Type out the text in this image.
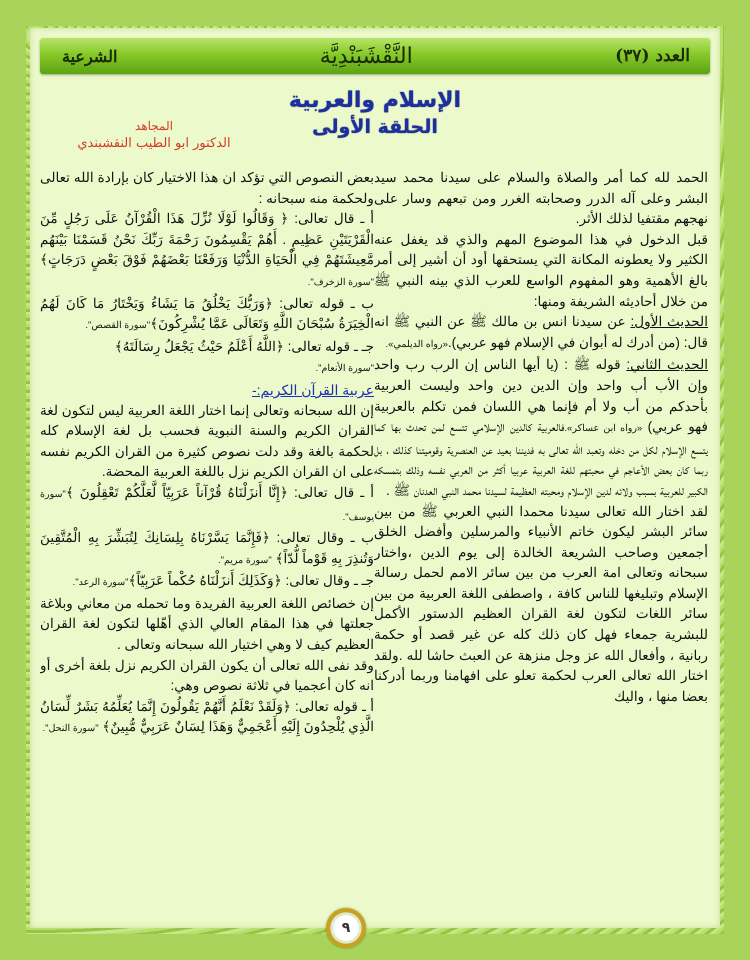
العدد (٣٧)
النَّقْشَبَنْدِيَّة
الشرعية
الإسلام والعربية
الحلقة الأولى
المجاهد
الدكتور ابو الطيب النقشبندي

الحمد لله كما أمر والصلاة والسلام على سيدنا محمد سيد البشر وعلى آله الدرر وصحابته الغرر ومن تبعهم وسار على نهجهم مقتفيا لذلك الأثر.

قبل الدخول في هذا الموضوع المهم والذي قد يغفل عنه الكثير ولا يعطونه المكانة التي يستحقها أود أن أشير إلى أمر بالغ الأهمية وهو المفهوم الواسع للعرب الذي بينه النبي ﷺ من خلال أحاديثه الشريفة ومنها:

الحديث الأول: عن سيدنا انس بن مالك ﷺ عن النبي ﷺ انه قال: (من أدرك له أبوان في الإسلام فهو عربي).«رواه الديلمي».

الحديث الثاني: قوله ﷺ : (يا أيها الناس إن الرب رب واحد وإن الأب أب واحد وإن الدين دين واحد وليست العربية بأحدكم من أب ولا أم فإنما هي اللسان فمن تكلم بالعربية فهو عربي) «رواه ابن عساكر».فالعربية كالدين الإسلامي تتسع لمن تحدث بها كما يتسع الإسلام لكل من دخله وتعبد الله تعالى به فديننا بعيد عن العنصرية وقوميتنا كذلك ، بل ربما كان بعض الأعاجم في محبتهم للغة العربية عربيا أكثر من العربي نفسه وذلك بتمسكه الكبير للعربية بسبب ولائه لدين الإسلام ومحبته العظيمة لسيدنا محمد النبي العدنان ﷺ .

لقد اختار الله تعالى سيدنا محمدا النبي العربي ﷺ من بين سائر البشر ليكون خاتم الأنبياء والمرسلين وأفضل الخلق أجمعين وصاحب الشريعة الخالدة إلى يوم الدين ،واختار سبحانه وتعالى امة العرب من بين سائر الامم لحمل رسالة الإسلام وتبليغها للناس كافة ، واصطفى اللغة العربية من بين سائر اللغات لتكون لغة القران العظيم الدستور الأكمل للبشرية جمعاء فهل كان ذلك كله عن غير قصد أو حكمة ربانية ، وأفعال الله عز وجل منزهة عن العبث حاشا لله .ولقد اختار الله تعالى العرب لحكمة تعلو على افهامنا وربما أدركنا بعضا منها ، واليك

بعض النصوص التي تؤكد ان هذا الاختيار كان بإرادة الله تعالى ولحكمة منه سبحانه :

أ ـ قال تعالى: ﴿ وَقَالُوا لَوْلَا نُزِّلَ هَذَا الْقُرْآنُ عَلَى رَجُلٍ مِّنَ الْقَرْيَتَيْنِ عَظِيمٍ . أَهُمْ يَقْسِمُونَ رَحْمَةَ رَبِّكَ نَحْنُ قَسَمْنَا بَيْنَهُم مَّعِيشَتَهُمْ فِي الْحَيَاةِ الدُّنْيَا وَرَفَعْنَا بَعْضَهُمْ فَوْقَ بَعْضٍ دَرَجَاتٍ﴾ "سورة الزخرف".

ب ـ قوله تعالى: ﴿وَرَبُّكَ يَخْلُقُ مَا يَشَاءُ وَيَخْتَارُ مَا كَانَ لَهُمُ الْخِيَرَةُ سُبْحَانَ اللَّهِ وَتَعَالَى عَمَّا يُشْرِكُونَ﴾"سورة القصص".

جـ ـ قوله تعالى: ﴿اللَّهُ أَعْلَمُ حَيْثُ يَجْعَلُ رِسَالَتَهُ﴾
"سورة الأنعام".

عربية القرآن الكريم:-

إن الله سبحانه وتعالى إنما اختار اللغة العربية ليس لتكون لغة القران الكريم والسنة النبوية فحسب بل لغة الإسلام كله لحكمة بالغة وقد دلت نصوص كثيرة من القران الكريم نفسه على ان القران الكريم نزل باللغة العربية المحضة.

أ ـ قال تعالى: ﴿إِنَّا أَنزَلْنَاهُ قُرْآناً عَرَبِيّاً لَّعَلَّكُمْ تَعْقِلُونَ ﴾"سورة يوسف".

ب ـ وقال تعالى: ﴿فَإِنَّمَا يَسَّرْنَاهُ بِلِسَانِكَ لِتُبَشِّرَ بِهِ الْمُتَّقِينَ وَتُنذِرَ بِهِ قَوْماً لُّدّاً﴾ "سورة مريم".

جـ ـ وقال تعالى: ﴿وَكَذَلِكَ أَنزَلْنَاهُ حُكْماً عَرَبِيّاً﴾"سورة الرعد".

إن خصائص اللغة العربية الفريدة وما تحمله من معاني وبلاغة جعلتها في هذا المقام العالي الذي أهّلها لتكون لغة القران العظيم كيف لا وهي اختيار الله سبحانه وتعالى .

وقد نفى الله تعالى أن يكون القران الكريم نزل بلغة أخرى أو انه كان أعجميا في ثلاثة نصوص وهي:

أ ـ قوله تعالى: ﴿وَلَقَدْ نَعْلَمُ أَنَّهُمْ يَقُولُونَ إِنَّمَا يُعَلِّمُهُ بَشَرٌ لِّسَانُ الَّذِي يُلْحِدُونَ إِلَيْهِ أَعْجَمِيٌّ وَهَذَا لِسَانٌ عَرَبِيٌّ مُّبِينٌ﴾ "سورة النحل".

٩
